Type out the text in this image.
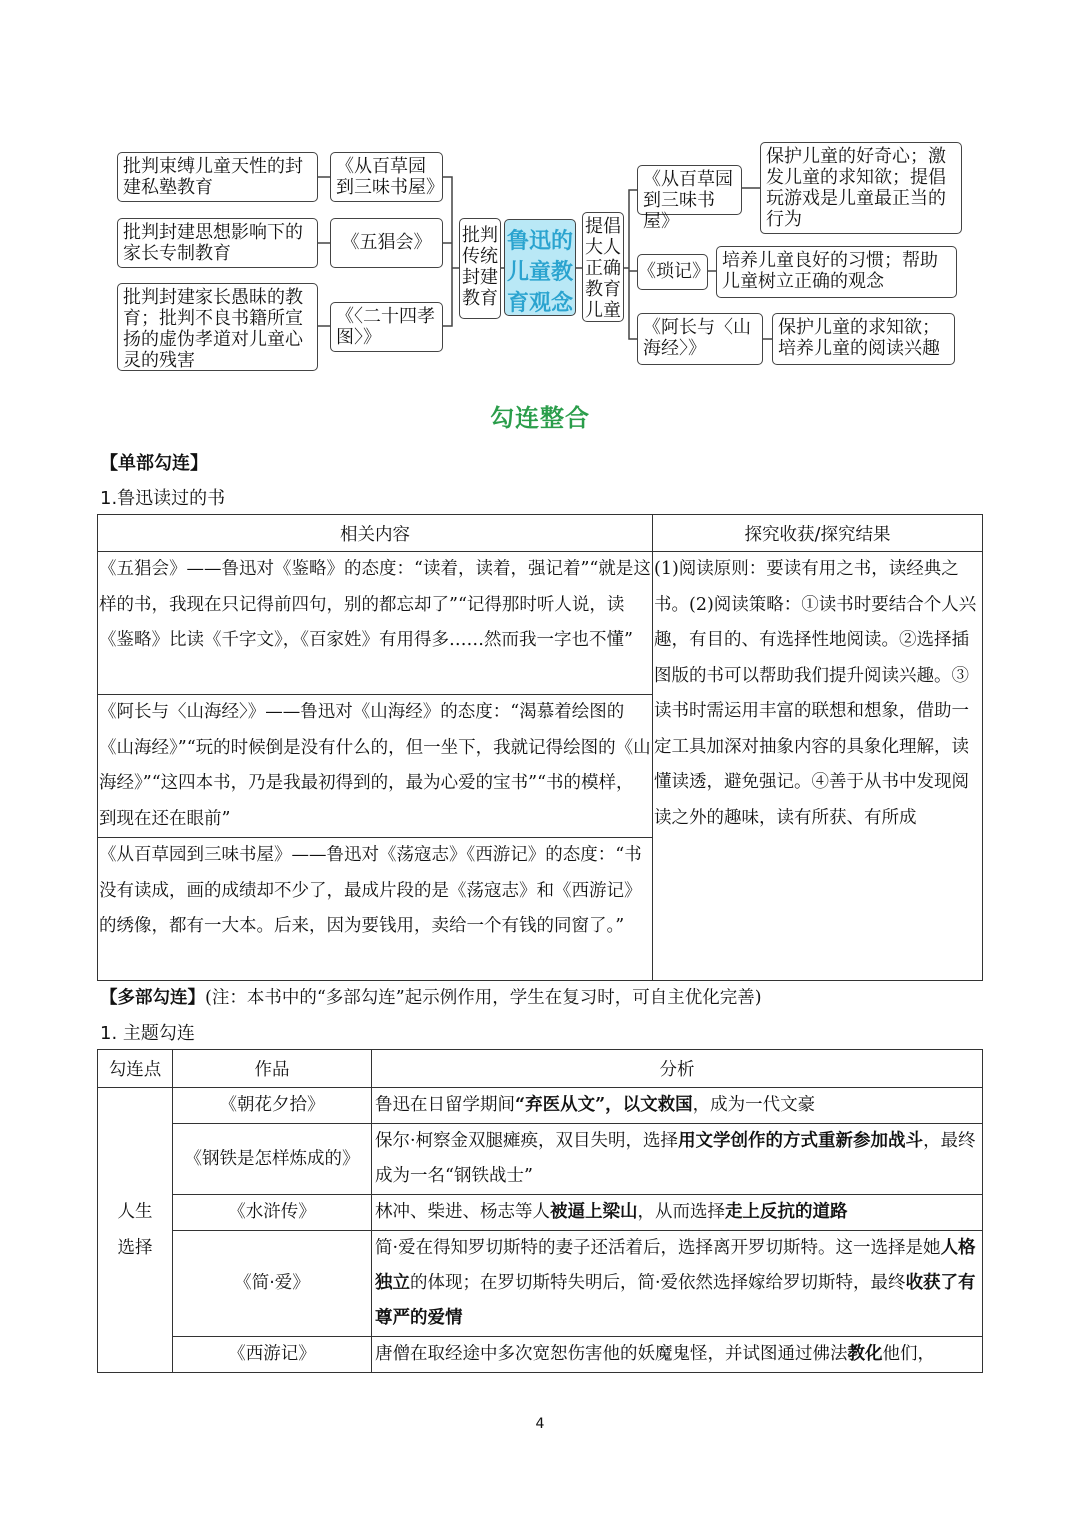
批判束缚儿童天性的封建私塾教育
《从百草园到三味书屋》
批判封建思想影响下的家长专制教育
《五猖会》
批判封建家长愚昧的教育；批判不良书籍所宣扬的虚伪孝道对儿童心灵的残害
《〈二十四孝图〉》
批判传统封建教育
鲁迅的儿童教育观念
提倡大人正确教育儿童
《从百草园到三味书屋》
保护儿童的好奇心；激发儿童的求知欲；提倡玩游戏是儿童最正当的行为
《琐记》
培养儿童良好的习惯；帮助儿童树立正确的观念
《阿长与〈山海经〉》
保护儿童的求知欲；培养儿童的阅读兴趣
勾连整合
【单部勾连】
1.鲁迅读过的书
相关内容	探究收获/探究结果
《五猖会》——鲁迅对《鉴略》的态度：“读着，读着，强记着”“就是这样的书，我现在只记得前四句，别的都忘却了”“记得那时听人说，读《鉴略》比读《千字文》，《百家姓》有用得多……然而我一字也不懂”	(1)阅读原则：要读有用之书，读经典之书。(2)阅读策略：①读书时要结合个人兴趣，有目的、有选择性地阅读。②选择插图版的书可以帮助我们提升阅读兴趣。③读书时需运用丰富的联想和想象，借助一定工具加深对抽象内容的具象化理解，读懂读透，避免强记。④善于从书中发现阅读之外的趣味，读有所获、有所成
《阿长与〈山海经〉》——鲁迅对《山海经》的态度：“渴慕着绘图的《山海经》”“玩的时候倒是没有什么的，但一坐下，我就记得绘图的《山海经》”“这四本书，乃是我最初得到的，最为心爱的宝书”“书的模样，到现在还在眼前”	
《从百草园到三味书屋》——鲁迅对《荡寇志》《西游记》的态度：“书没有读成，画的成绩却不少了，最成片段的是《荡寇志》和《西游记》的绣像，都有一大本。后来，因为要钱用，卖给一个有钱的同窗了。”	
【多部勾连】(注：本书中的“多部勾连”起示例作用，学生在复习时，可自主优化完善)
1. 主题勾连
勾连点	作品	分析
人生选择	《朝花夕拾》	鲁迅在日留学期间“弃医从文”，以文救国，成为一代文豪
	《钢铁是怎样炼成的》	保尔·柯察金双腿瘫痪，双目失明，选择用文学创作的方式重新参加战斗，最终成为一名“钢铁战士”
	《水浒传》	林冲、柴进、杨志等人被逼上梁山，从而选择走上反抗的道路
	《简·爱》	简·爱在得知罗切斯特的妻子还活着后，选择离开罗切斯特。这一选择是她人格独立的体现；在罗切斯特失明后，简·爱依然选择嫁给罗切斯特，最终收获了有尊严的爱情
	《西游记》	唐僧在取经途中多次宽恕伤害他的妖魔鬼怪，并试图通过佛法教化他们，
4
